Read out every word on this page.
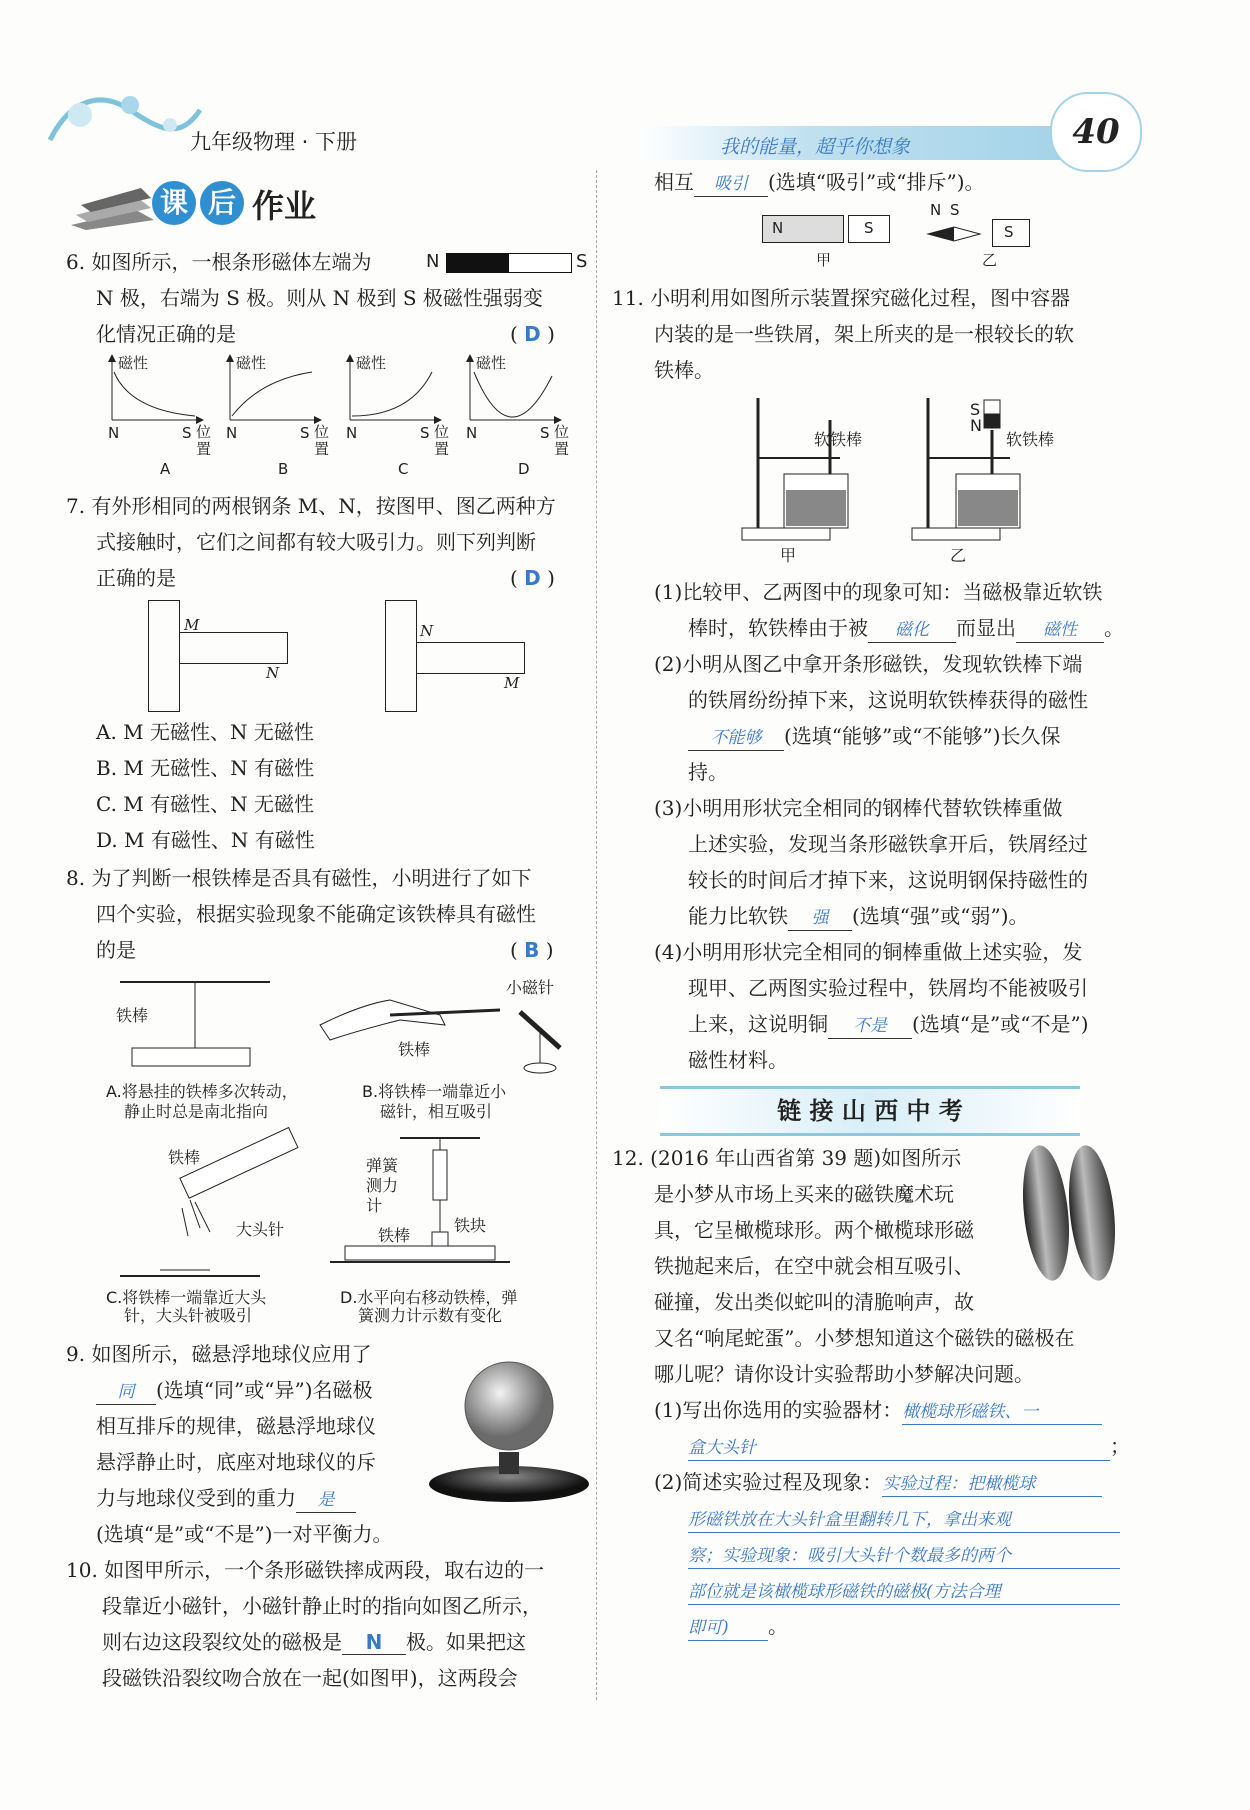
九年级物理 · 下册	我的能量，超乎你想象	40
课 后 作业
6. 如图所示，一根条形磁体左端为	N	S
N 极，右端为 S 极。则从 N 极到 S 极磁性强弱变
化情况正确的是	( D )
磁性	磁性	磁性	磁性
N	S 位置
N	S 位置
N	S 位置
N	S 位置
A	B	C	D
7. 有外形相同的两根钢条 M、N，按图甲、图乙两种方
式接触时，它们之间都有较大吸引力。则下列判断
正确的是	( D )
M
N
N
M
A. M 无磁性、N 无磁性
B. M 无磁性、N 有磁性
C. M 有磁性、N 无磁性
D. M 有磁性、N 有磁性
8. 为了判断一根铁棒是否具有磁性，小明进行了如下
四个实验，根据实验现象不能确定该铁棒具有磁性
的是	( B )
铁棒
小磁针
铁棒
A.将悬挂的铁棒多次转动，
静止时总是南北指向
B.将铁棒一端靠近小
磁针，相互吸引
铁棒
大头针
弹簧测力计
铁块
铁棒
C.将铁棒一端靠近大头
针，大头针被吸引
D.水平向右移动铁棒，弹
簧测力计示数有变化
9. 如图所示，磁悬浮地球仪应用了
同 (选填“同”或“异”)名磁极
相互排斥的规律，磁悬浮地球仪
悬浮静止时，底座对地球仪的斥
力与地球仪受到的重力 是
(选填“是”或“不是”)一对平衡力。
10. 如图甲所示，一个条形磁铁摔成两段，取右边的一
段靠近小磁针，小磁针静止时的指向如图乙所示，
则右边这段裂纹处的磁极是 N 极。如果把这
段磁铁沿裂纹吻合放在一起(如图甲)，这两段会
相互 吸引 (选填“吸引”或“排斥”)。
N	S
甲
N S
S
乙
11. 小明利用如图所示装置探究磁化过程，图中容器
内装的是一些铁屑，架上所夹的是一根较长的软
铁棒。
软铁棒
S
N
软铁棒
甲	乙
(1)比较甲、乙两图中的现象可知：当磁极靠近软铁
棒时，软铁棒由于被 磁化 而显出 磁性 。
(2)小明从图乙中拿开条形磁铁，发现软铁棒下端
的铁屑纷纷掉下来，这说明软铁棒获得的磁性
不能够 (选填“能够”或“不能够”)长久保
持。
(3)小明用形状完全相同的钢棒代替软铁棒重做
上述实验，发现当条形磁铁拿开后，铁屑经过
较长的时间后才掉下来，这说明钢保持磁性的
能力比软铁 强 (选填“强”或“弱”)。
(4)小明用形状完全相同的铜棒重做上述实验，发
现甲、乙两图实验过程中，铁屑均不能被吸引
上来，这说明铜 不是 (选填“是”或“不是”)
磁性材料。
链 接 山 西 中 考
12. (2016 年山西省第 39 题)如图所示
是小梦从市场上买来的磁铁魔术玩
具，它呈橄榄球形。两个橄榄球形磁
铁抛起来后，在空中就会相互吸引、
碰撞，发出类似蛇叫的清脆响声，故
又名“响尾蛇蛋”。小梦想知道这个磁铁的磁极在
哪儿呢？请你设计实验帮助小梦解决问题。
(1)写出你选用的实验器材：橄榄球形磁铁、一
盒大头针	；
(2)简述实验过程及现象：实验过程：把橄榄球
形磁铁放在大头针盒里翻转几下，拿出来观
察；实验现象：吸引大头针个数最多的两个
部位就是该橄榄球形磁铁的磁极(方法合理
即可) 。
